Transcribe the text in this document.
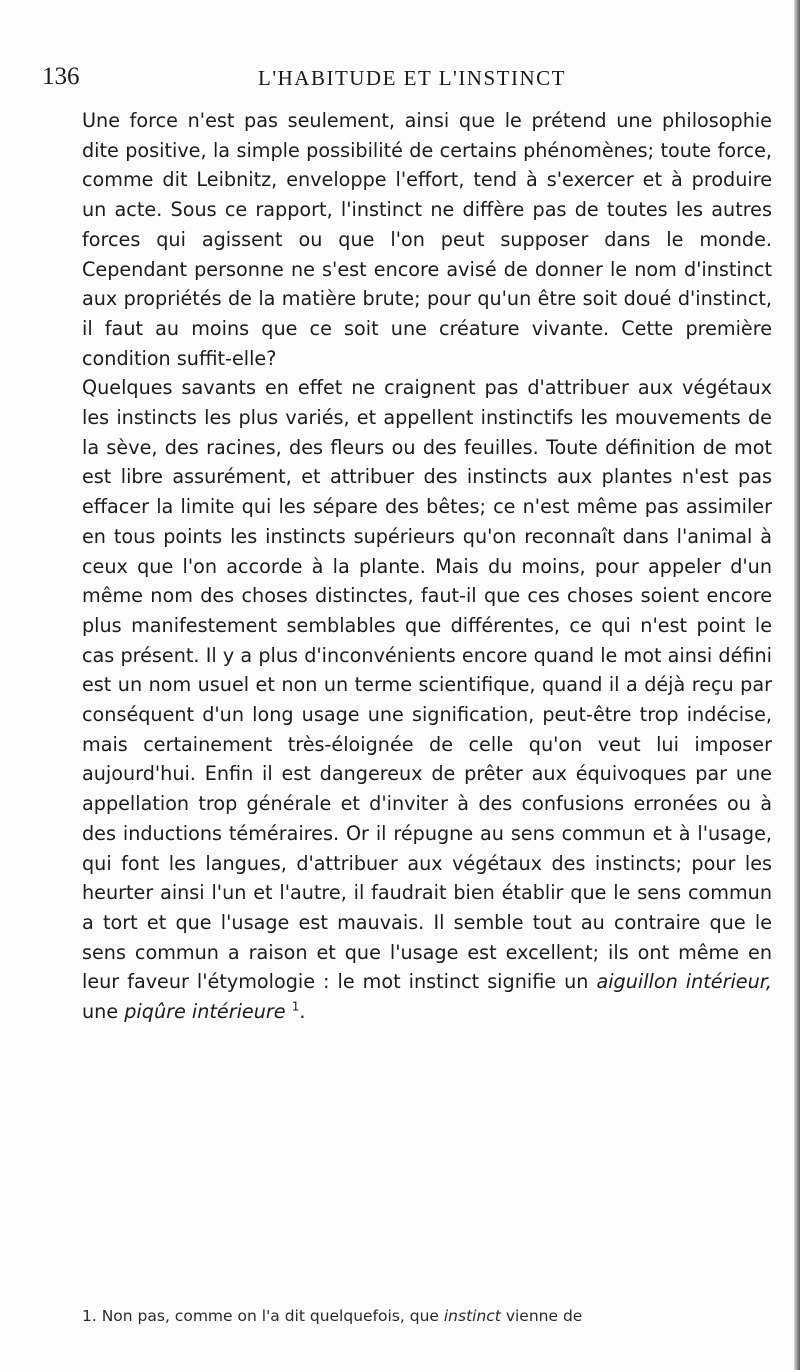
136	L'HABITUDE ET L'INSTINCT

Une force n'est pas seulement, ainsi que le prétend une philosophie dite positive, la simple possibilité de certains phénomènes; toute force, comme dit Leibnitz, enveloppe l'effort, tend à s'exercer et à produire un acte. Sous ce rapport, l'instinct ne diffère pas de toutes les autres forces qui agissent ou que l'on peut supposer dans le monde. Cependant personne ne s'est encore avisé de donner le nom d'instinct aux propriétés de la matière brute; pour qu'un être soit doué d'instinct, il faut au moins que ce soit une créature vivante. Cette première condition suffit-elle?

Quelques savants en effet ne craignent pas d'attribuer aux végétaux les instincts les plus variés, et appellent instinctifs les mouvements de la sève, des racines, des fleurs ou des feuilles. Toute définition de mot est libre assurément, et attribuer des instincts aux plantes n'est pas effacer la limite qui les sépare des bêtes; ce n'est même pas assimiler en tous points les instincts supérieurs qu'on reconnaît dans l'animal à ceux que l'on accorde à la plante. Mais du moins, pour appeler d'un même nom des choses distinctes, faut-il que ces choses soient encore plus manifestement semblables que différentes, ce qui n'est point le cas présent. Il y a plus d'inconvénients encore quand le mot ainsi défini est un nom usuel et non un terme scientifique, quand il a déjà reçu par conséquent d'un long usage une signification, peut-être trop indécise, mais certainement très-éloignée de celle qu'on veut lui imposer aujourd'hui. Enfin il est dangereux de prêter aux équivoques par une appellation trop générale et d'inviter à des confusions erronées ou à des inductions téméraires. Or il répugne au sens commun et à l'usage, qui font les langues, d'attribuer aux végétaux des instincts; pour les heurter ainsi l'un et l'autre, il faudrait bien établir que le sens commun a tort et que l'usage est mauvais. Il semble tout au contraire que le sens commun a raison et que l'usage est excellent; ils ont même en leur faveur l'étymologie : le mot instinct signifie un aiguillon intérieur, une piqûre intérieure $^1$.

1. Non pas, comme on l'a dit quelquefois, que instinct vienne de
